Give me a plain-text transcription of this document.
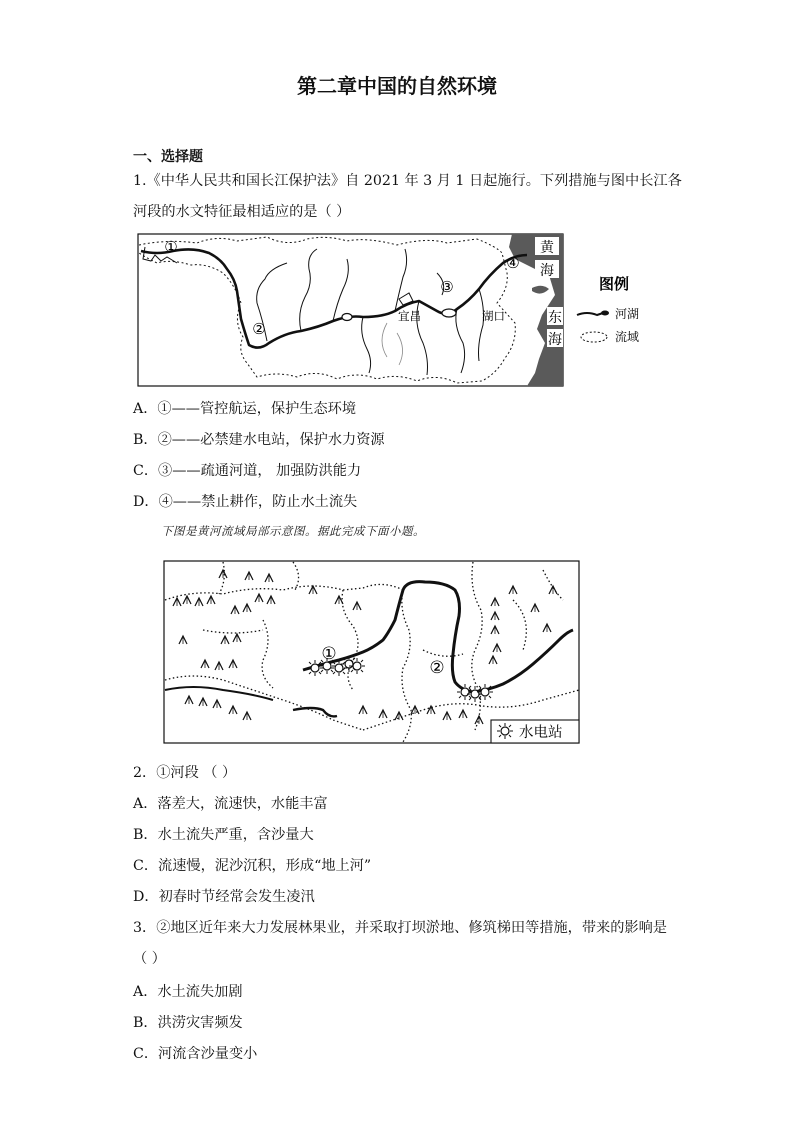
第二章中国的自然环境
一、选择题
1.《中华人民共和国长江保护法》自 2021 年 3 月 1 日起施行。下列措施与图中长江各
河段的水文特征最相适应的是（ ）
①
②
③
④
宜昌	湖口
黄
海
东
海
图例
河湖
流域
A．①——管控航运，保护生态环境
B．②——必禁建水电站，保护水力资源
C．③——疏通河道， 加强防洪能力
D．④——禁止耕作，防止水土流失
下图是黄河流域局部示意图。据此完成下面小题。
①
②
水电站
2．①河段 （ ）
A．落差大，流速快，水能丰富
B．水土流失严重，含沙量大
C．流速慢，泥沙沉积，形成“地上河”
D．初春时节经常会发生凌汛
3．②地区近年来大力发展林果业，并采取打坝淤地、修筑梯田等措施，带来的影响是
（ ）
A．水土流失加剧
B．洪涝灾害频发
C．河流含沙量变小
